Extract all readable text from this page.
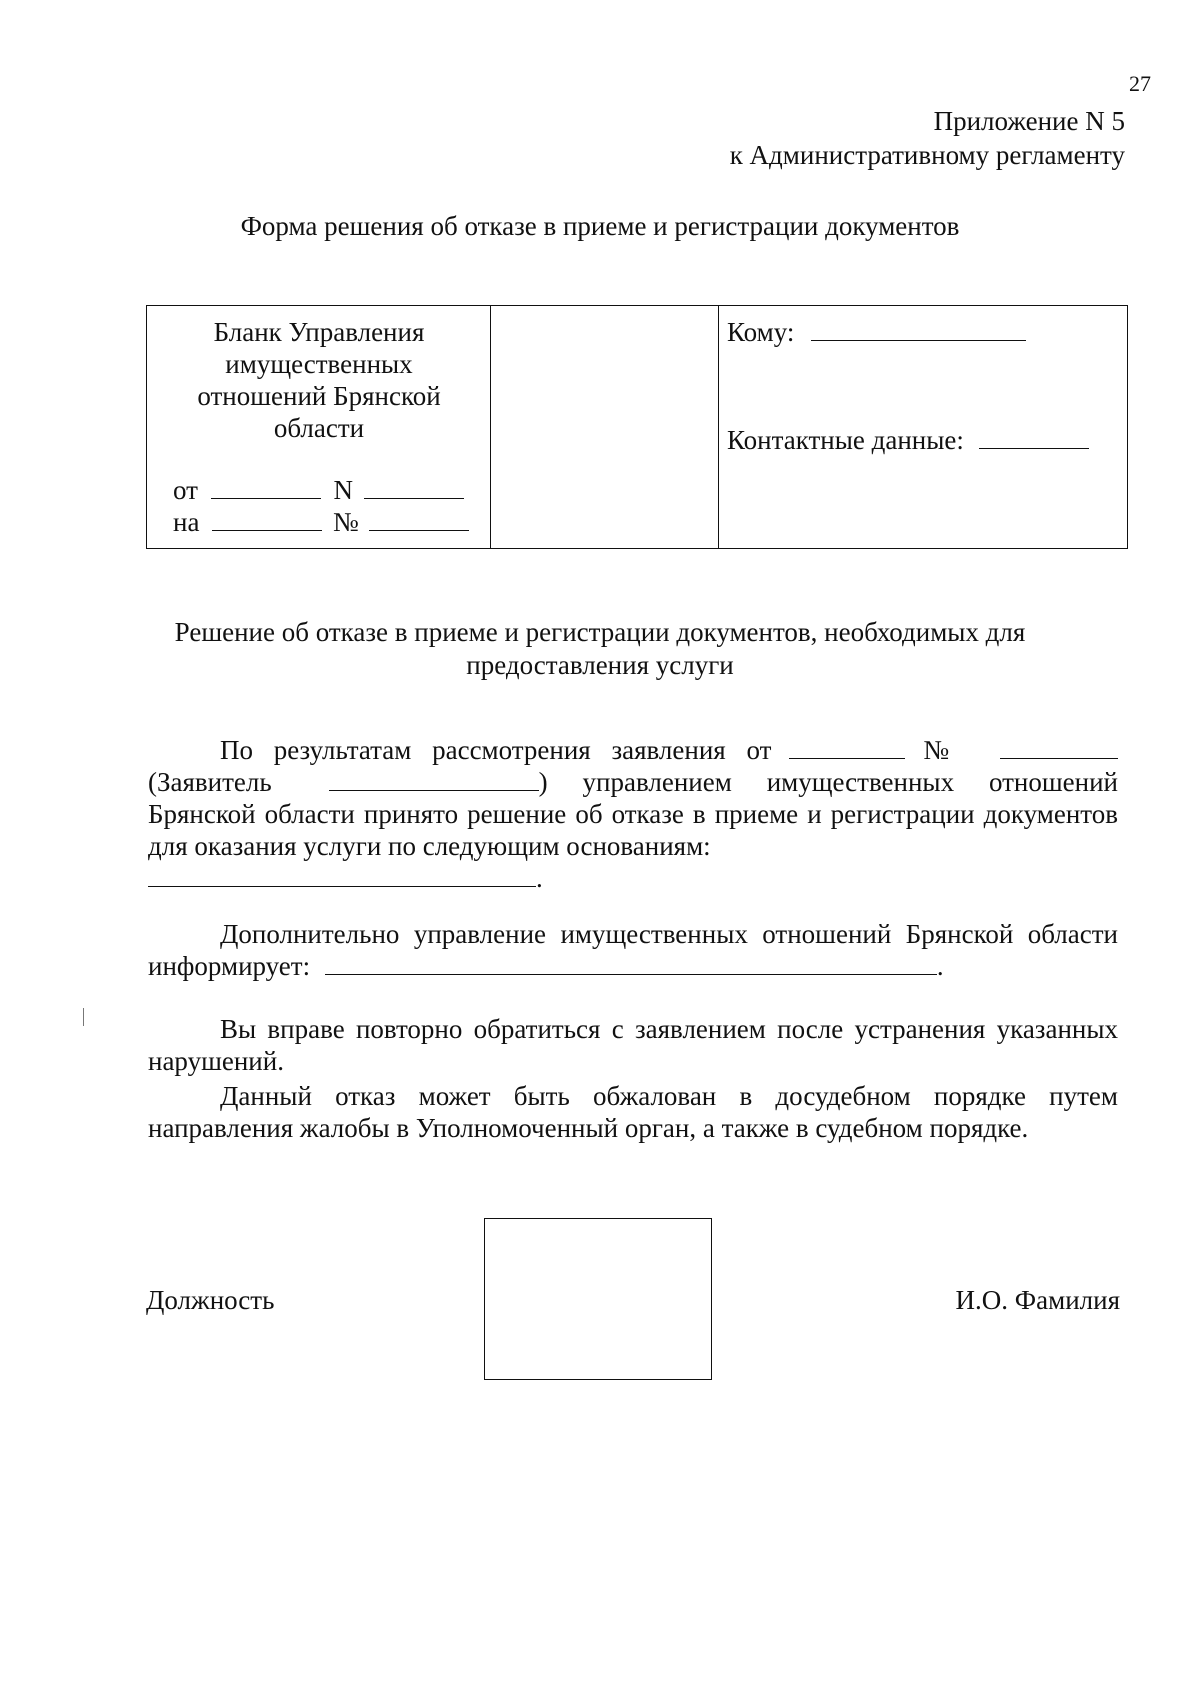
27
Приложение N 5
к Административному регламенту
Форма решения об отказе в приеме и регистрации документов
Бланк Управления
имущественных
отношений Брянской
области
от	N
на	№
Кому:
Контактные данные:
Решение об отказе в приеме и регистрации документов, необходимых для
предоставления услуги
По результатам рассмотрения заявления от	№
(Заявитель	) управлением имущественных отношений Брянской области принято решение об отказе в приеме и регистрации документов для оказания услуги по следующим основаниям:
.
Дополнительно управление имущественных отношений Брянской области информирует:	.
Вы вправе повторно обратиться с заявлением после устранения указанных нарушений.
Данный отказ может быть обжалован в досудебном порядке путем направления жалобы в Уполномоченный орган, а также в судебном порядке.
Должность	И.О. Фамилия
